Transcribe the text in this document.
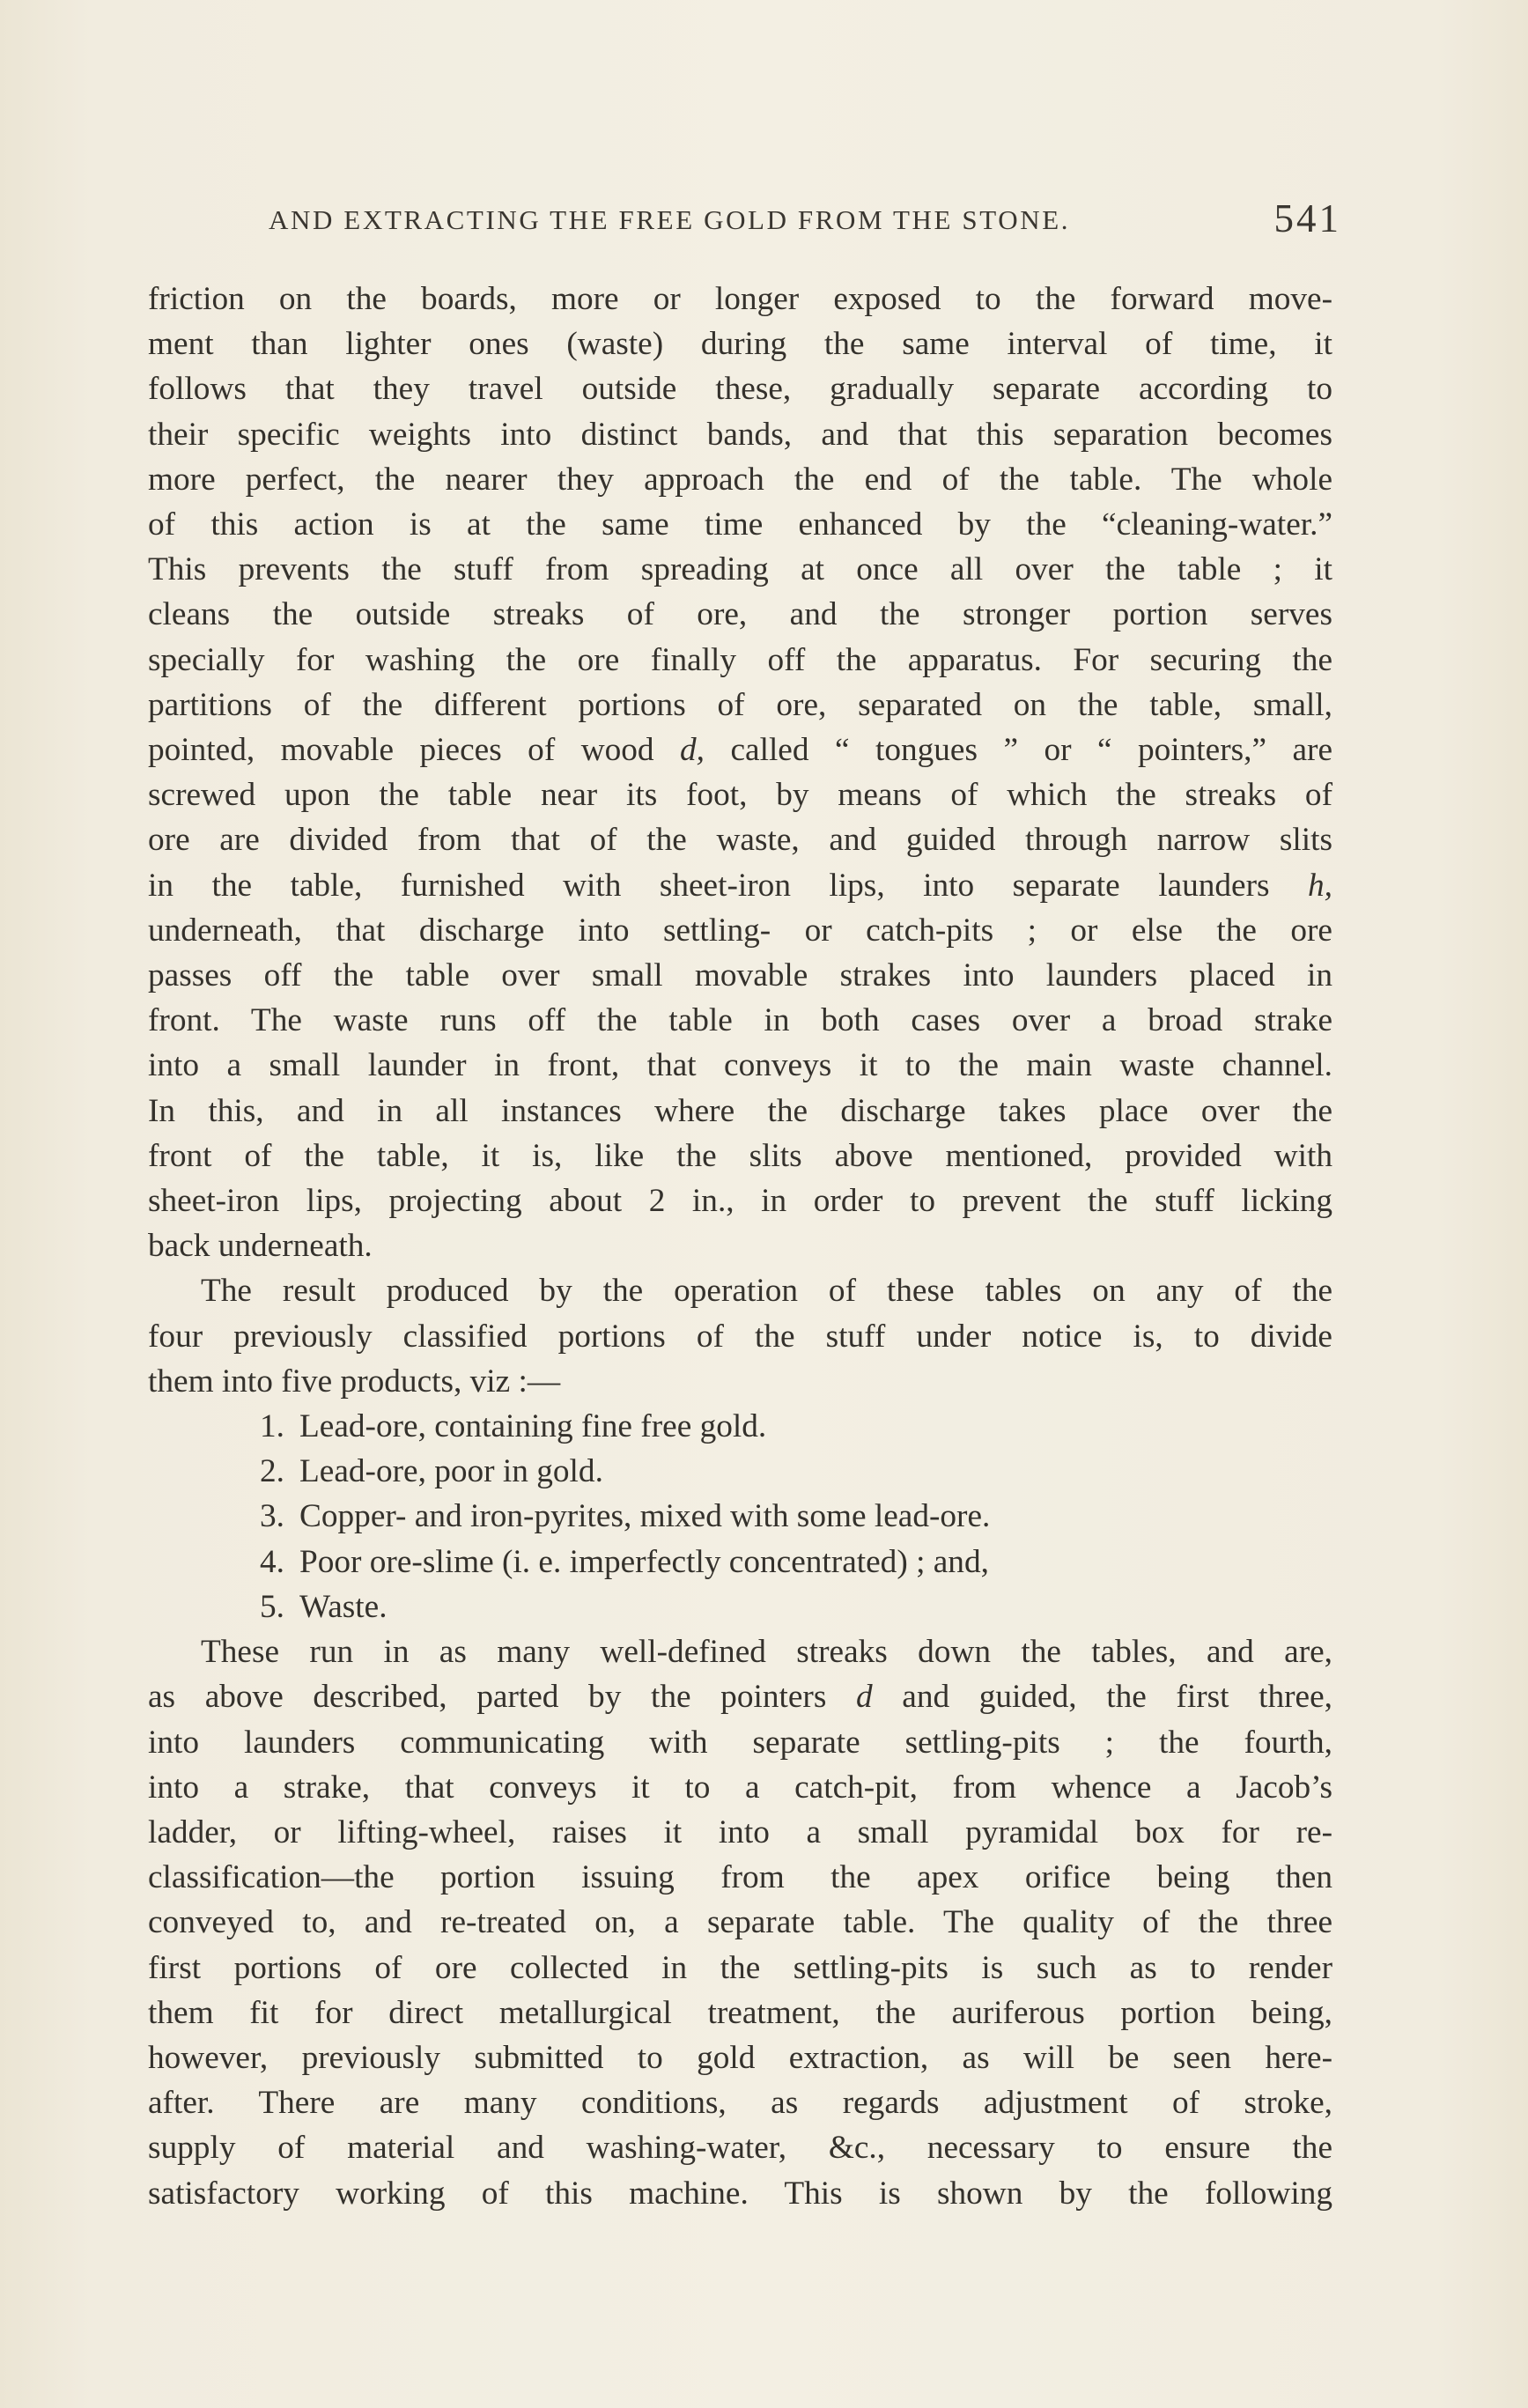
AND EXTRACTING THE FREE GOLD FROM THE STONE.	541

friction on the boards, more or longer exposed to the forward move-

ment than lighter ones (waste) during the same interval of time, it

follows that they travel outside these, gradually separate according to

their specific weights into distinct bands, and that this separation becomes

more perfect, the nearer they approach the end of the table. The whole

of this action is at the same time enhanced by the “cleaning-water.”

This prevents the stuff from spreading at once all over the table ; it

cleans the outside streaks of ore, and the stronger portion serves

specially for washing the ore finally off the apparatus. For securing the

partitions of the different portions of ore, separated on the table, small,

pointed, movable pieces of wood d, called “ tongues ” or “ pointers,” are

screwed upon the table near its foot, by means of which the streaks of

ore are divided from that of the waste, and guided through narrow slits

in the table, furnished with sheet-iron lips, into separate launders h,

underneath, that discharge into settling- or catch-pits ; or else the ore

passes off the table over small movable strakes into launders placed in

front. The waste runs off the table in both cases over a broad strake

into a small launder in front, that conveys it to the main waste channel.

In this, and in all instances where the discharge takes place over the

front of the table, it is, like the slits above mentioned, provided with

sheet-iron lips, projecting about 2 in., in order to prevent the stuff licking

back underneath.

The result produced by the operation of these tables on any of the

four previously classified portions of the stuff under notice is, to divide

them into five products, viz :—

1. Lead-ore, containing fine free gold.
2. Lead-ore, poor in gold.
3. Copper- and iron-pyrites, mixed with some lead-ore.
4. Poor ore-slime (i. e. imperfectly concentrated) ; and,
5. Waste.

These run in as many well-defined streaks down the tables, and are,

as above described, parted by the pointers d and guided, the first three,

into launders communicating with separate settling-pits ; the fourth,

into a strake, that conveys it to a catch-pit, from whence a Jacob’s

ladder, or lifting-wheel, raises it into a small pyramidal box for re-

classification—the portion issuing from the apex orifice being then

conveyed to, and re-treated on, a separate table. The quality of the three

first portions of ore collected in the settling-pits is such as to render

them fit for direct metallurgical treatment, the auriferous portion being,

however, previously submitted to gold extraction, as will be seen here-

after. There are many conditions, as regards adjustment of stroke,

supply of material and washing-water, &c., necessary to ensure the

satisfactory working of this machine. This is shown by the following
